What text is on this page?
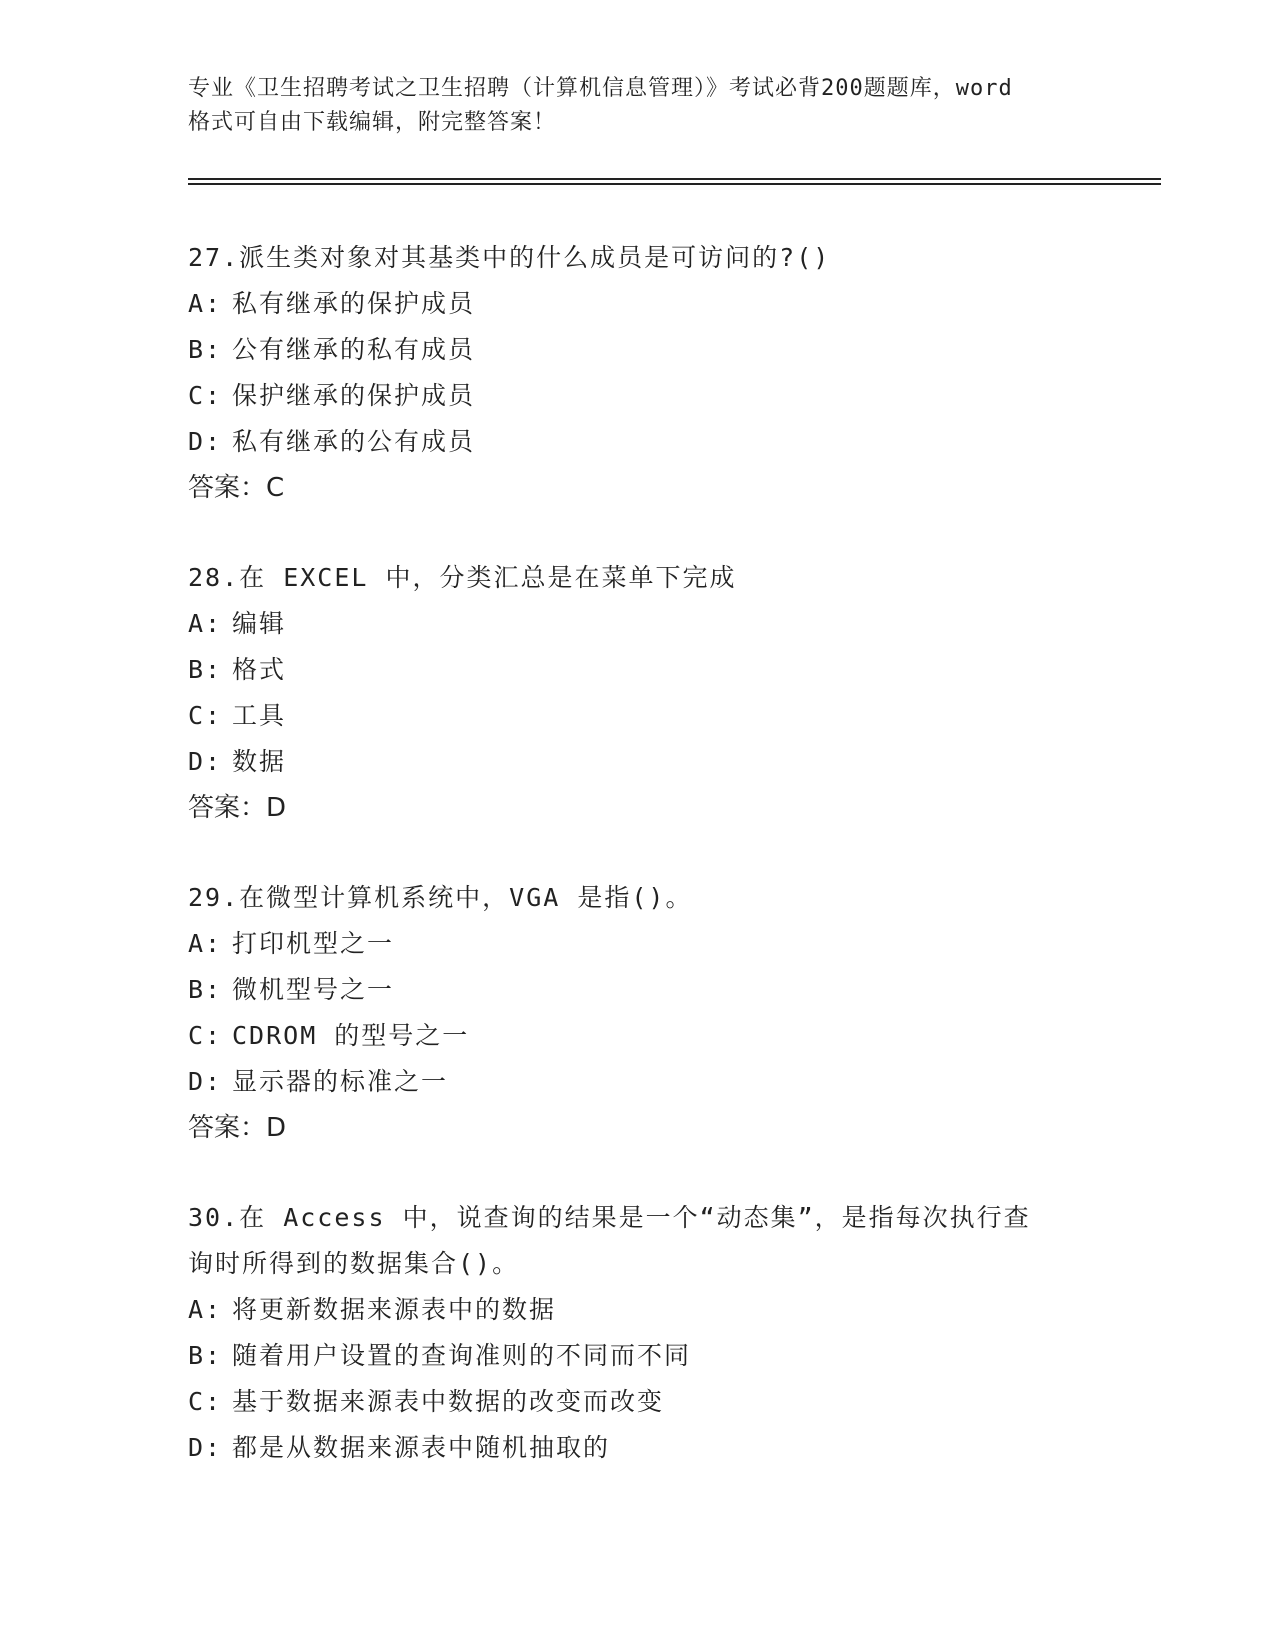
专业《卫生招聘考试之卫生招聘（计算机信息管理）》考试必背200题题库，word
格式可自由下载编辑，附完整答案！
27.派生类对象对其基类中的什么成员是可访问的?()
A: 私有继承的保护成员
B: 公有继承的私有成员
C: 保护继承的保护成员
D: 私有继承的公有成员
答案：C
28.在 EXCEL 中，分类汇总是在菜单下完成
A: 编辑
B: 格式
C: 工具
D: 数据
答案：D
29.在微型计算机系统中，VGA 是指()。
A: 打印机型之一
B: 微机型号之一
C: CDROM 的型号之一
D: 显示器的标准之一
答案：D
30.在 Access 中，说查询的结果是一个“动态集”，是指每次执行查
询时所得到的数据集合()。
A: 将更新数据来源表中的数据
B: 随着用户设置的查询准则的不同而不同
C: 基于数据来源表中数据的改变而改变
D: 都是从数据来源表中随机抽取的
